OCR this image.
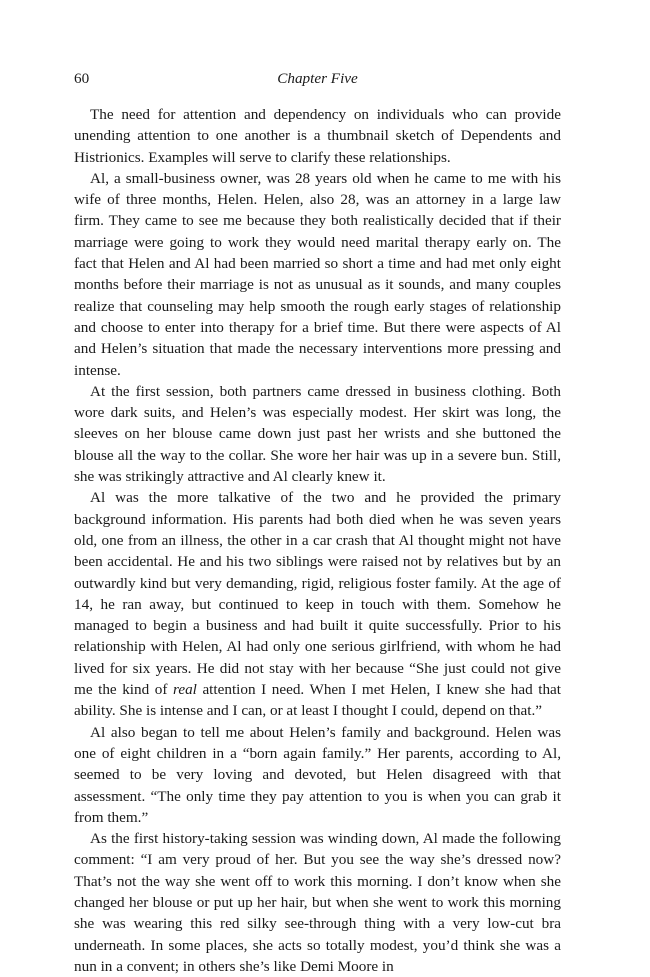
60	Chapter Five

The need for attention and dependency on individuals who can provide unending attention to one another is a thumbnail sketch of Dependents and Histrionics. Examples will serve to clarify these relationships.

Al, a small-business owner, was 28 years old when he came to me with his wife of three months, Helen. Helen, also 28, was an attorney in a large law firm. They came to see me because they both realistically decided that if their marriage were going to work they would need marital therapy early on. The fact that Helen and Al had been married so short a time and had met only eight months before their marriage is not as unusual as it sounds, and many couples realize that counseling may help smooth the rough early stages of relationship and choose to enter into therapy for a brief time. But there were aspects of Al and Helen’s situation that made the necessary interventions more pressing and intense.

At the first session, both partners came dressed in business clothing. Both wore dark suits, and Helen’s was especially modest. Her skirt was long, the sleeves on her blouse came down just past her wrists and she buttoned the blouse all the way to the collar. She wore her hair was up in a severe bun. Still, she was strikingly attractive and Al clearly knew it.

Al was the more talkative of the two and he provided the primary background information. His parents had both died when he was seven years old, one from an illness, the other in a car crash that Al thought might not have been accidental. He and his two siblings were raised not by relatives but by an outwardly kind but very demanding, rigid, religious foster family. At the age of 14, he ran away, but continued to keep in touch with them. Somehow he managed to begin a business and had built it quite successfully. Prior to his relationship with Helen, Al had only one serious girlfriend, with whom he had lived for six years. He did not stay with her because “She just could not give me the kind of real attention I need. When I met Helen, I knew she had that ability. She is intense and I can, or at least I thought I could, depend on that.”

Al also began to tell me about Helen’s family and background. Helen was one of eight children in a “born again family.” Her parents, according to Al, seemed to be very loving and devoted, but Helen disagreed with that assessment. “The only time they pay attention to you is when you can grab it from them.”

As the first history-taking session was winding down, Al made the following comment: “I am very proud of her. But you see the way she’s dressed now? That’s not the way she went off to work this morning. I don’t know when she changed her blouse or put up her hair, but when she went to work this morning she was wearing this red silky see-through thing with a very low-cut bra underneath. In some places, she acts so totally modest, you’d think she was a nun in a convent; in others she’s like Demi Moore in
